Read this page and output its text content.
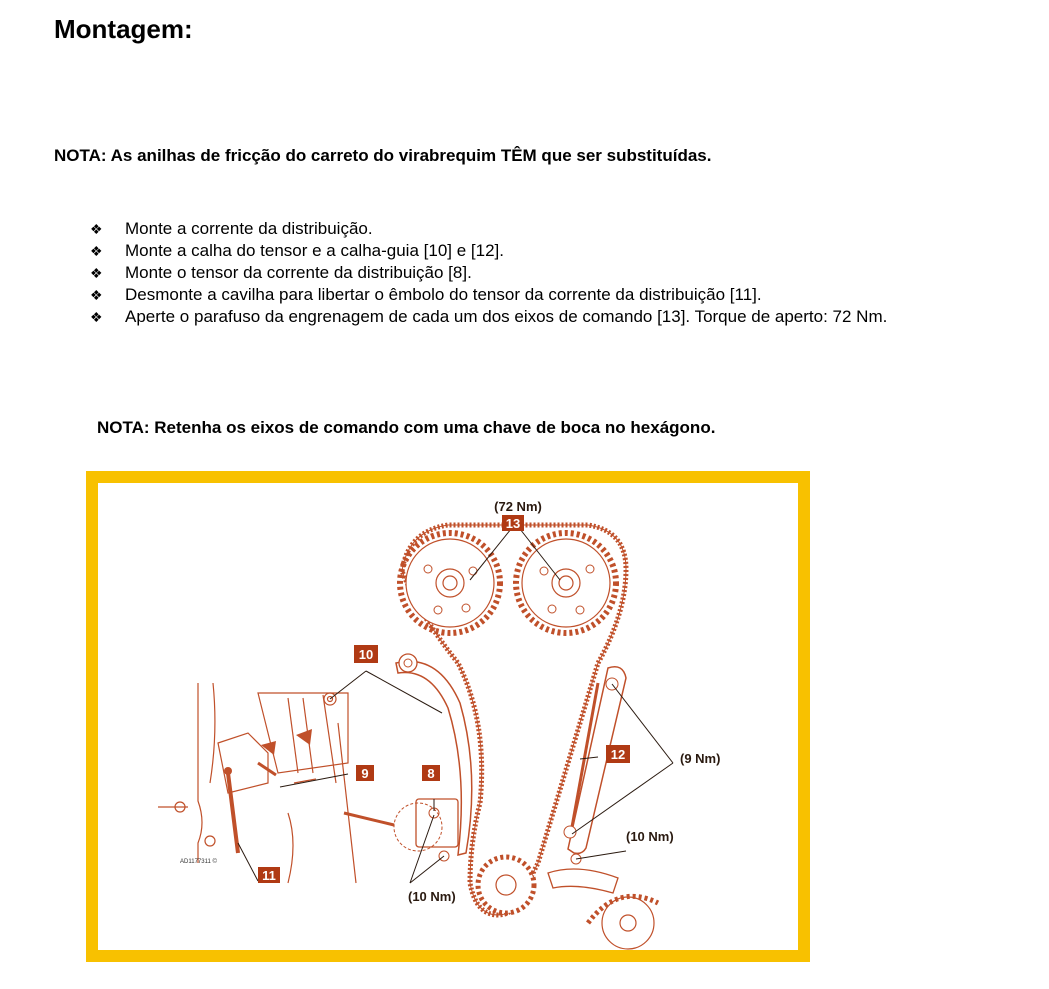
Montagem:

NOTA: As anilhas de fricção do carreto do virabrequim TÊM que ser substituídas.

❖ Monte a corrente da distribuição.
❖ Monte a calha do tensor e a calha-guia [10] e [12].
❖ Monte o tensor da corrente da distribuição [8].
❖ Desmonte a cavilha para libertar o êmbolo do tensor da corrente da distribuição [11].
❖ Aperte o parafuso da engrenagem de cada um dos eixos de comando [13]. Torque de aperto: 72 Nm.

NOTA: Retenha os eixos de comando com uma chave de boca no hexágono.

13
10
12
9	8
11
(72 Nm)
(9 Nm)
(10 Nm)
(10 Nm)
AD1177311 ©
